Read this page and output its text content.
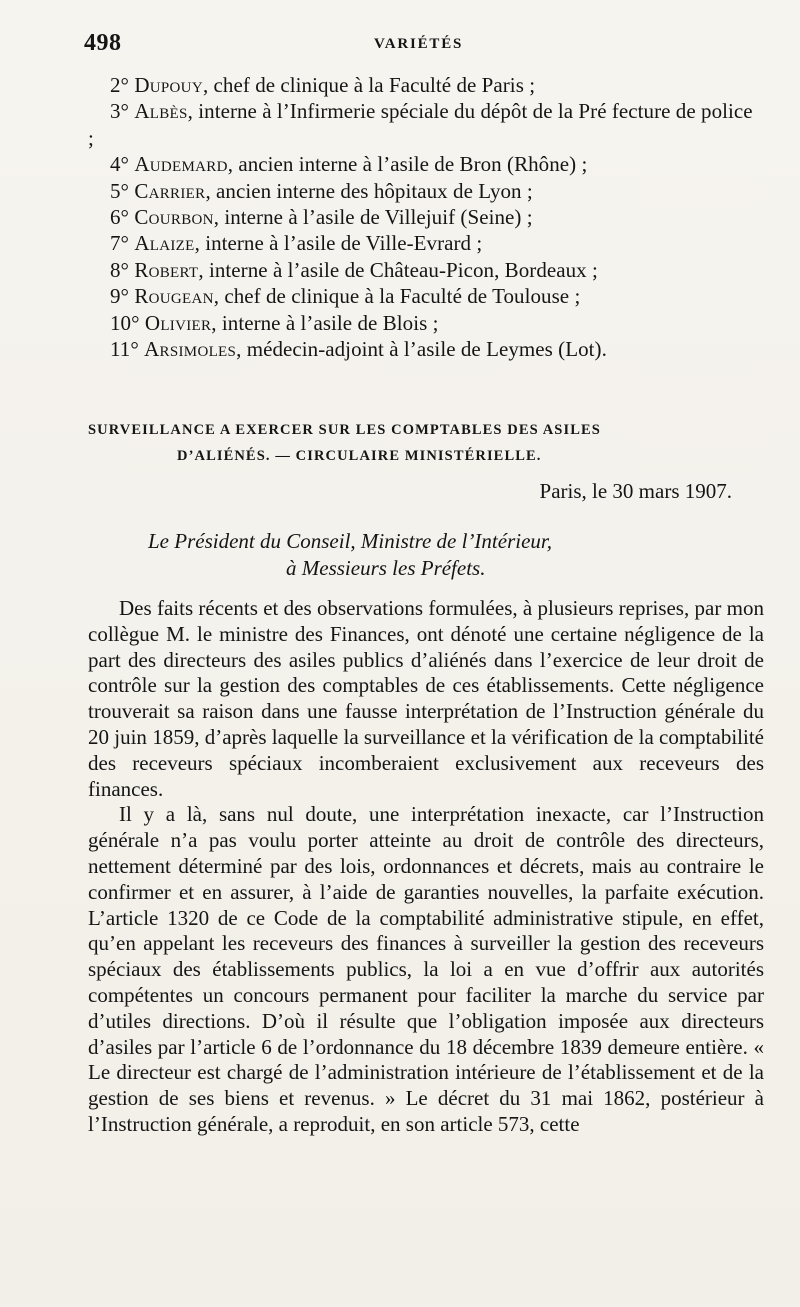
498	VARIÉTÉS
2° Dupouy, chef de clinique à la Faculté de Paris ;
3° Albès, interne à l’Infirmerie spéciale du dépôt de la Pré fecture de police ;
4° Audemard, ancien interne à l’asile de Bron (Rhône) ;
5° Carrier, ancien interne des hôpitaux de Lyon ;
6° Courbon, interne à l’asile de Villejuif (Seine) ;
7° Alaize, interne à l’asile de Ville-Evrard ;
8° Robert, interne à l’asile de Château-Picon, Bordeaux ;
9° Rougean, chef de clinique à la Faculté de Toulouse ;
10° Olivier, interne à l’asile de Blois ;
11° Arsimoles, médecin-adjoint à l’asile de Leymes (Lot).
SURVEILLANCE A EXERCER SUR LES COMPTABLES DES ASILES
D’ALIÉNÉS. — CIRCULAIRE MINISTÉRIELLE.
Paris, le 30 mars 1907.
Le Président du Conseil, Ministre de l’Intérieur,
à Messieurs les Préfets.

Des faits récents et des observations formulées, à plusieurs reprises, par mon collègue M. le ministre des Finances, ont dénoté une certaine négligence de la part des directeurs des asiles publics d’aliénés dans l’exercice de leur droit de contrôle sur la gestion des comptables de ces établissements. Cette négligence trouverait sa raison dans une fausse interprétation de l’Instruction générale du 20 juin 1859, d’après laquelle la surveillance et la vérification de la comptabilité des receveurs spéciaux incomberaient exclusivement aux receveurs des finances.

Il y a là, sans nul doute, une interprétation inexacte, car l’Instruction générale n’a pas voulu porter atteinte au droit de contrôle des directeurs, nettement déterminé par des lois, ordonnances et décrets, mais au contraire le confirmer et en assurer, à l’aide de garanties nouvelles, la parfaite exécution. L’article 1320 de ce Code de la comptabilité administrative stipule, en effet, qu’en appelant les receveurs des finances à surveiller la gestion des receveurs spéciaux des établissements publics, la loi a en vue d’offrir aux autorités compétentes un concours permanent pour faciliter la marche du service par d’utiles directions. D’où il résulte que l’obligation imposée aux directeurs d’asiles par l’article 6 de l’ordonnance du 18 décembre 1839 demeure entière. « Le directeur est chargé de l’administration intérieure de l’établissement et de la gestion de ses biens et revenus. » Le décret du 31 mai 1862, postérieur à l’Instruction générale, a reproduit, en son article 573, cette
